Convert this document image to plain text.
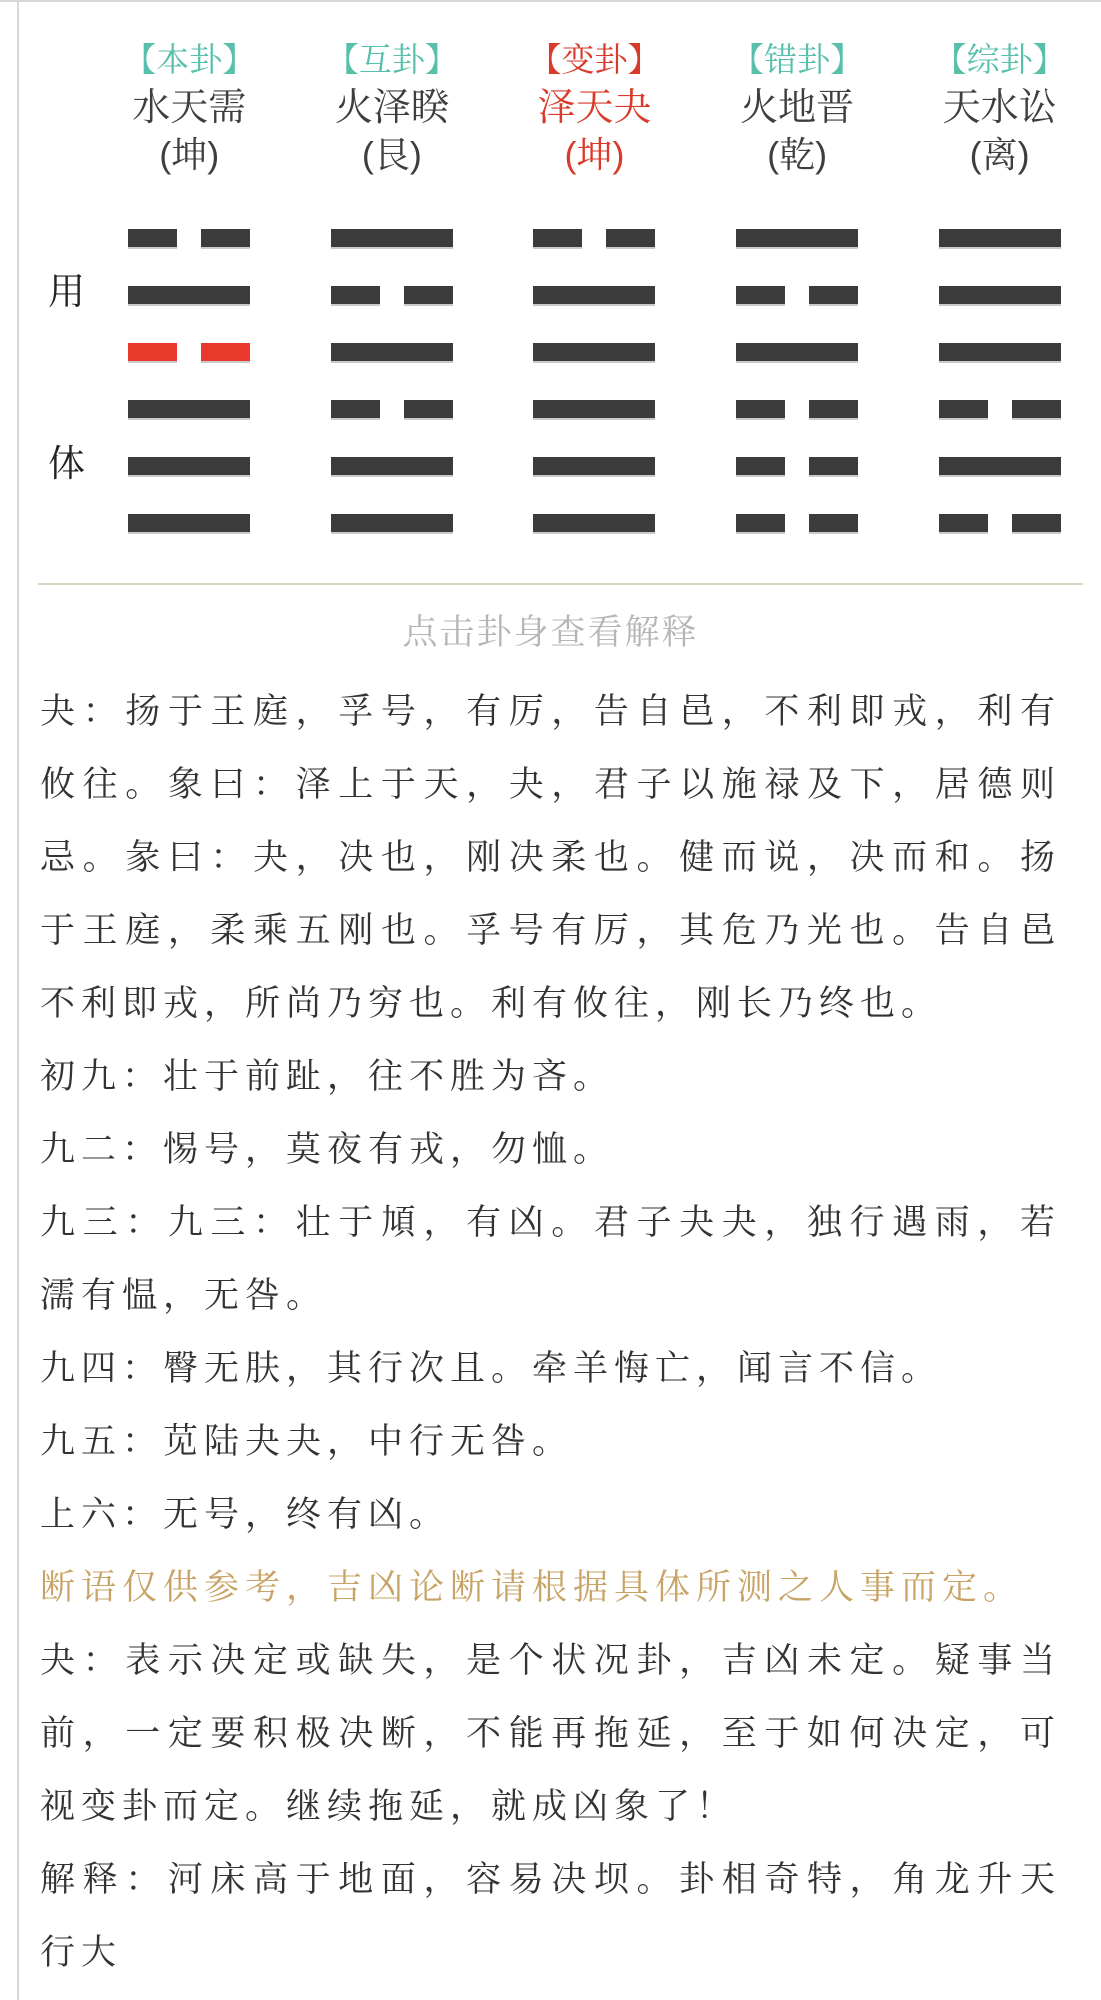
用
体
【本卦】
水天需
(坤)
【互卦】
火泽睽
(艮)
【变卦】
泽天夬
(坤)
【错卦】
火地晋
(乾)
【综卦】
天水讼
(离)
点击卦身查看解释

夬：扬于王庭，孚号，有厉，告自邑，不利即戎，利有攸往。象曰：泽上于天，夬，君子以施禄及下，居德则忌。彖曰：夬，决也，刚决柔也。健而说，决而和。扬于王庭，柔乘五刚也。孚号有厉，其危乃光也。告自邑不利即戎，所尚乃穷也。利有攸往，刚长乃终也。

初九：壮于前趾，往不胜为吝。

九二：惕号，莫夜有戎，勿恤。

九三：九三：壮于頄，有凶。君子夬夬，独行遇雨，若濡有愠，无咎。

九四：臀无肤，其行次且。牵羊悔亡，闻言不信。

九五：苋陆夬夬，中行无咎。

上六：无号，终有凶。

断语仅供参考，吉凶论断请根据具体所测之人事而定。

夬：表示决定或缺失，是个状况卦，吉凶未定。疑事当前，一定要积极决断，不能再拖延，至于如何决定，可视变卦而定。继续拖延，就成凶象了！

解释：河床高于地面，容易决坝。卦相奇特，角龙升天行大
